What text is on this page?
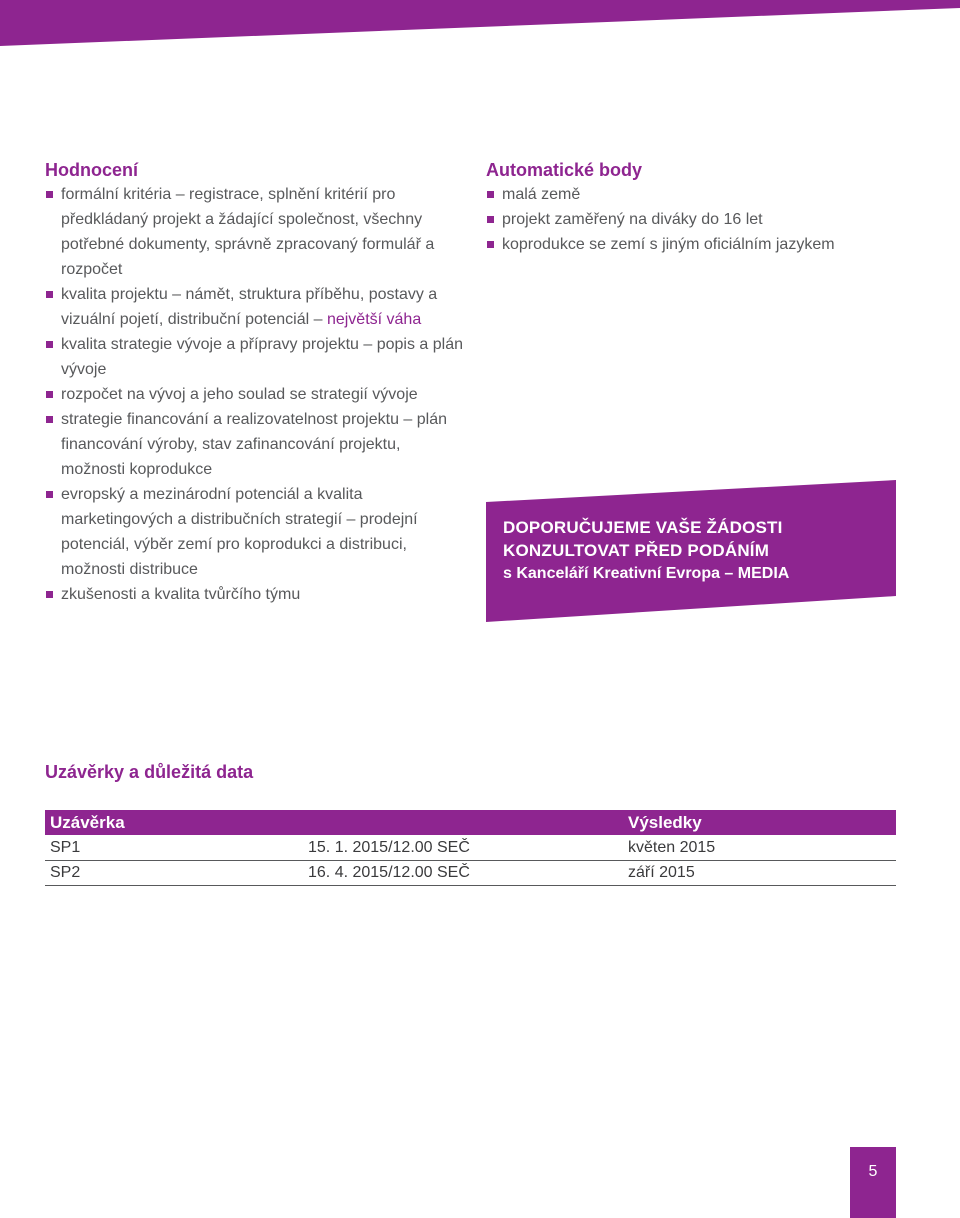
Hodnocení
formální kritéria – registrace, splnění kritérií pro předkládaný projekt a žádající společnost, všechny potřebné dokumenty, správně zpracovaný formulář a rozpočet
kvalita projektu – námět, struktura příběhu, postavy a vizuální pojetí, distribuční potenciál – největší váha
kvalita strategie vývoje a přípravy projektu – popis a plán vývoje
rozpočet na vývoj a jeho soulad se strategií vývoje
strategie financování a realizovatelnost projektu – plán financování výroby, stav zafinancování projektu, možnosti koprodukce
evropský a mezinárodní potenciál a kvalita marketingových a distribučních strategií – prodejní potenciál, výběr zemí pro koprodukci a distribuci, možnosti distribuce
zkušenosti a kvalita tvůrčího týmu
Automatické body
malá země
projekt zaměřený na diváky do 16 let
koprodukce se zemí s jiným oficiálním jazykem
DOPORUČUJEME VAŠE ŽÁDOSTI
KONZULTOVAT PŘED PODÁNÍM
s Kanceláří Kreativní Evropa – MEDIA
Uzávěrky a důležitá data
Uzávěrka		Výsledky
SP1	15. 1. 2015/12.00 SEČ	květen 2015
SP2	16. 4. 2015/12.00 SEČ	září 2015
5
